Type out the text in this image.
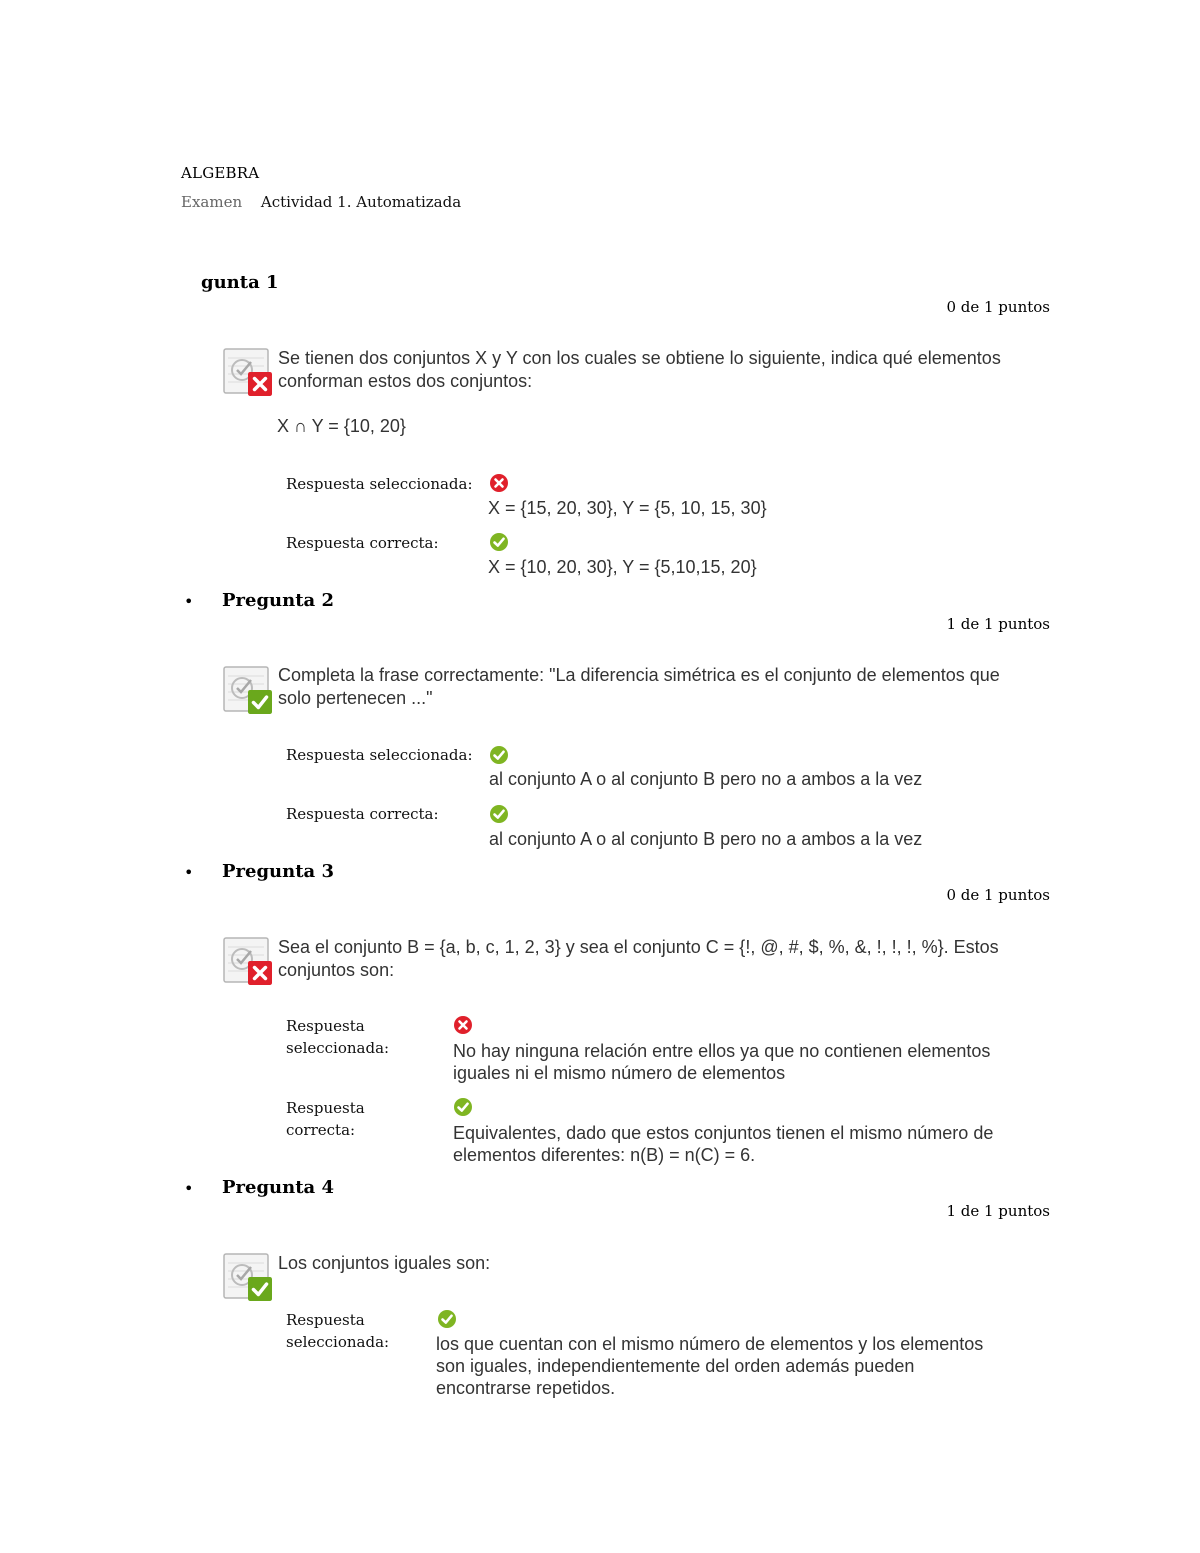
ALGEBRA
Examen Actividad 1. Automatizada
gunta 1
0 de 1 puntos
Se tienen dos conjuntos X y Y con los cuales se obtiene lo siguiente, indica qué elementos
conforman estos dos conjuntos:
X ∩ Y = {10, 20}
Respuesta seleccionada:
X = {15, 20, 30}, Y = {5, 10, 15, 30}
Respuesta correcta:
X = {10, 20, 30}, Y = {5,10,15, 20}
• Pregunta 2
1 de 1 puntos
Completa la frase correctamente: "La diferencia simétrica es el conjunto de elementos que
solo pertenecen ..."
Respuesta seleccionada:
al conjunto A o al conjunto B pero no a ambos a la vez
Respuesta correcta:
al conjunto A o al conjunto B pero no a ambos a la vez
• Pregunta 3
0 de 1 puntos
Sea el conjunto B = {a, b, c, 1, 2, 3} y sea el conjunto C = {!, @, #, $, %, &, !, !, !, %}. Estos
conjuntos son:
Respuesta
seleccionada:	No hay ninguna relación entre ellos ya que no contienen elementos
iguales ni el mismo número de elementos
Respuesta
correcta:	Equivalentes, dado que estos conjuntos tienen el mismo número de
elementos diferentes: n(B) = n(C) = 6.
• Pregunta 4
1 de 1 puntos
Los conjuntos iguales son:
Respuesta
seleccionada:	los que cuentan con el mismo número de elementos y los elementos
son iguales, independientemente del orden además pueden
encontrarse repetidos.
